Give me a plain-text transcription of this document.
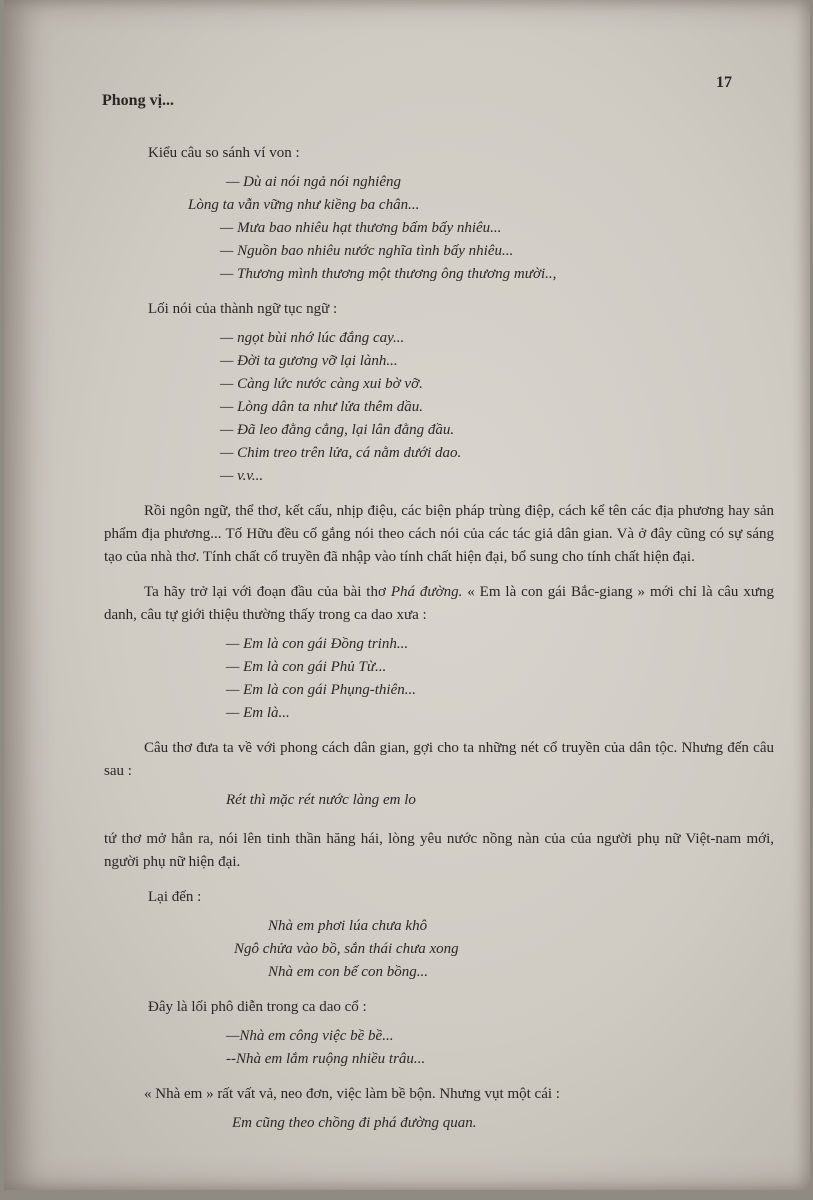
Phong vị...
17

Kiểu câu so sánh ví von :

— Dù ai nói ngả nói nghiêng
Lòng ta vẫn vững như kiềng ba chân...
— Mưa bao nhiêu hạt thương bấm bấy nhiêu...
— Nguồn bao nhiêu nước nghĩa tình bấy nhiêu...
— Thương mình thương một thương ông thương mười..,

Lối nói của thành ngữ tục ngữ :

— ngọt bùi nhớ lúc đắng cay...
— Đời ta gương vỡ lại lành...
— Càng lức nước càng xui bờ vỡ.
— Lòng dân ta như lửa thêm dầu.
— Đã leo đằng cẳng, lại lân đằng đầu.
— Chim treo trên lửa, cá nằm dưới dao.
— v.v...

Rồi ngôn ngữ, thể thơ, kết cấu, nhịp điệu, các biện pháp trùng điệp, cách kể tên các địa phương hay sản phẩm địa phương... Tố Hữu đều cố gắng nói theo cách nói của các tác giả dân gian. Và ở đây cũng có sự sáng tạo của nhà thơ. Tính chất cổ truyền đã nhập vào tính chất hiện đại, bổ sung cho tính chất hiện đại.

Ta hãy trở lại với đoạn đầu của bài thơ Phá đường. « Em là con gái Bắc-giang » mới chỉ là câu xưng danh, câu tự giới thiệu thường thấy trong ca dao xưa :

— Em là con gái Đồng trinh...
— Em là con gái Phủ Từ...
— Em là con gái Phụng-thiên...
— Em là...

Câu thơ đưa ta về với phong cách dân gian, gợi cho ta những nét cổ truyền của dân tộc. Nhưng đến câu sau :

Rét thì mặc rét nước làng em lo

tứ thơ mở hẳn ra, nói lên tinh thần hăng hái, lòng yêu nước nồng nàn của của người phụ nữ Việt-nam mới, người phụ nữ hiện đại.

Lại đến :

Nhà em phơi lúa chưa khô
Ngô chửa vào bồ, sắn thái chưa xong
Nhà em con bế con bồng...

Đây là lối phô diễn trong ca dao cổ :

—Nhà em công việc bề bề...
--Nhà em lắm ruộng nhiều trâu...

« Nhà em » rất vất vả, neo đơn, việc làm bề bộn. Nhưng vụt một cái :

Em cũng theo chồng đi phá đường quan.
